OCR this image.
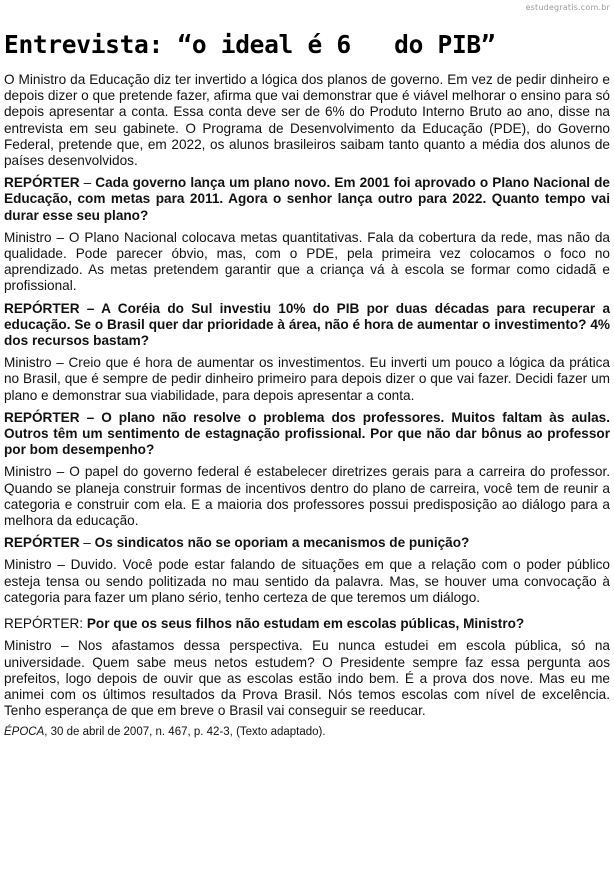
estudegratis.com.br
Entrevista: “o ideal é 6   do PIB”

O Ministro da Educação diz ter invertido a lógica dos planos de governo. Em vez de pedir dinheiro e depois dizer o que pretende fazer, afirma que vai demonstrar que é viável melhorar o ensino para só depois apresentar a conta. Essa conta deve ser de 6% do Produto Interno Bruto ao ano, disse na entrevista em seu gabinete. O Programa de Desenvolvimento da Educação (PDE), do Governo Federal, pretende que, em 2022, os alunos brasileiros saibam tanto quanto a média dos alunos de países desenvolvidos.

REPÓRTER – Cada governo lança um plano novo. Em 2001 foi aprovado o Plano Nacional de Educação, com metas para 2011. Agora o senhor lança outro para 2022. Quanto tempo vai durar esse seu plano?

Ministro – O Plano Nacional colocava metas quantitativas. Fala da cobertura da rede, mas não da qualidade. Pode parecer óbvio, mas, com o PDE, pela primeira vez colocamos o foco no aprendizado. As metas pretendem garantir que a criança vá à escola se formar como cidadã e profissional.

REPÓRTER – A Coréia do Sul investiu 10% do PIB por duas décadas para recuperar a educação. Se o Brasil quer dar prioridade à área, não é hora de aumentar o investimento? 4% dos recursos bastam?

Ministro – Creio que é hora de aumentar os investimentos. Eu inverti um pouco a lógica da prática no Brasil, que é sempre de pedir dinheiro primeiro para depois dizer o que vai fazer. Decidi fazer um plano e demonstrar sua viabilidade, para depois apresentar a conta.

REPÓRTER – O plano não resolve o problema dos professores. Muitos faltam às aulas. Outros têm um sentimento de estagnação profissional. Por que não dar bônus ao professor por bom desempenho?

Ministro – O papel do governo federal é estabelecer diretrizes gerais para a carreira do professor. Quando se planeja construir formas de incentivos dentro do plano de carreira, você tem de reunir a categoria e construir com ela. E a maioria dos professores possui predisposição ao diálogo para a melhora da educação.

REPÓRTER – Os sindicatos não se oporiam a mecanismos de punição?

Ministro – Duvido. Você pode estar falando de situações em que a relação com o poder público esteja tensa ou sendo politizada no mau sentido da palavra. Mas, se houver uma convocação à categoria para fazer um plano sério, tenho certeza de que teremos um diálogo.

REPÓRTER: Por que os seus filhos não estudam em escolas públicas, Ministro?

Ministro – Nos afastamos dessa perspectiva. Eu nunca estudei em escola pública, só na universidade. Quem sabe meus netos estudem? O Presidente sempre faz essa pergunta aos prefeitos, logo depois de ouvir que as escolas estão indo bem. É a prova dos nove. Mas eu me animei com os últimos resultados da Prova Brasil. Nós temos escolas com nível de excelência. Tenho esperança de que em breve o Brasil vai conseguir se reeducar.

ÉPOCA, 30 de abril de 2007, n. 467, p. 42-3, (Texto adaptado).
